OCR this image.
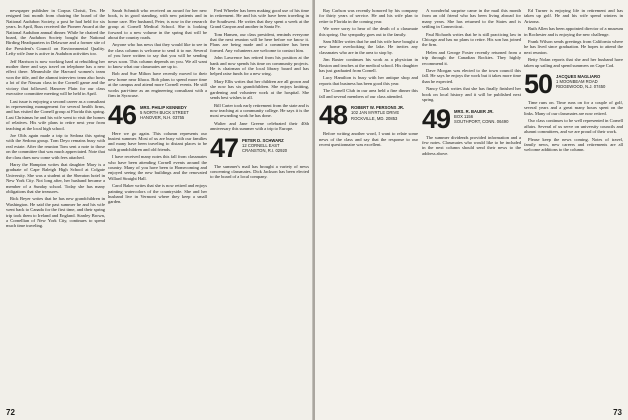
newspaper publisher in Corpus Christi, Tex. He resigned last month from chairing the board of the National Audubon Society, a post he had held for six years. In April, Russ received the Pioneer Award at the National Audubon annual dinner. While he chaired the board, the Audubon Society bought the National Birding Headquarters in Delaware and a former site of the President's Council on Environmental Quality. Lefty wife Jane is active in Audubon activities too.

Jeff Harrison is now working hard at rebuilding her mother there and says travel on telephone has a new effect there. Meanwhile the Harvard women's team won the title, and the alumni interview team also hosts a lot of the Nassau class in the Cornell game and the victory that followed. Hanover Plain for our class executive committee meeting will be held in April.

Last issue is enjoying a second career as a consultant in representing management for several health firms, and has visited the Cornell group at Florida this spring. Last Christmas he and his wife went to visit the homes of relatives. His wife plans to retire next year from teaching at the local high school.

Joe Olds again made a trip to Sedona this spring with the Sedona group. Tom Deyo remains busy with real estate. After the reunion Tom sent a note to those on the committee that was much appreciated. Note that the class dues now come with fees attached.

Harry the Hampton writes that daughter Mary is a graduate of Cape Raleigh High School at Colgate University. She was a student at the Sheraton hotel in New York City. Not long after, her husband became a member of a Sunday school. Today she has many obligations that she treasures.

Rick Beyer writes that he has new grandchildren in Washington. He said the past summer he and his wife went back to Canada for the first time, and their spring trip took them to Ireland and England. Stanley Brown, a Cornellian of New York City, continues to spend much time traveling.

Sarah Schmidt who received an award for her new book, is in good standing, with new patients and in home care. Her husband, Peter, is now in the research group at Cornell Medical School. She is looking forward to a new volume in the spring that will be about the country roads.

Anyone who has news that they would like to see in the class column is welcome to send it to me. Several of you have written to say that you will be sending news soon. This column depends on you. We all want to know what our classmates are up to.

Bob and Sue Milton have recently moved to their new home near Ithaca. Bob plans to spend more time at the campus and attend more Cornell events. He still works part-time as an engineering consultant with a firm in Syracuse.

46 MRS. PHILIP KENNEDY
5 NORTH BUCK STREET
HANOVER, N.H. 03755

Here we go again. This column represents our busiest summer. Most of us are busy with our families and many have been traveling to distant places to be with grandchildren and old friends.

I have received many notes this fall from classmates who have been attending Cornell events around the country. Many of you have been to Homecoming and enjoyed seeing the new buildings and the renovated Willard Straight Hall.

Carol Baker writes that she is now retired and enjoys painting watercolors of the countryside. She and her husband live in Vermont where they keep a small garden.

Fred Wheeler has been making good use of his time in retirement. He and his wife have been traveling in the Southwest. He writes that they spent a week at the Grand Canyon and another in Santa Fe.

Tom Hansen, our class president, reminds everyone that the next reunion will be here before we know it. Plans are being made and a committee has been formed. Any volunteers are welcome to contact him.

John Lawrence has retired from his position at the bank and now spends his time on community projects. He is chairman of the local library board and has helped raise funds for a new wing.

Mary Ellis writes that her children are all grown and she now has six grandchildren. She enjoys knitting, gardening and volunteer work at the hospital. She sends best wishes to all.

Bill Carter took early retirement from the state and is now teaching at a community college. He says it is the most rewarding work he has done.

Walter and Jane Greene celebrated their 40th anniversary this summer with a trip to Europe.

47 PETER D. SCHWARZ
12 CORNELL EAST
CRANSTON, R.I. 02920

The summer's mail has brought a variety of news concerning classmates. Dick Jackson has been elected to the board of a local company.

72

Ray Carlson was recently honored by his company for thirty years of service. He and his wife plan to retire to Florida in the coming year.

We were sorry to hear of the death of a classmate this spring. Our sympathy goes out to the family.

Sam Miller writes that he and his wife have bought a new home overlooking the lake. He invites any classmates who are in the area to stop by.

Jim Baxter continues his work as a physician in Boston and teaches at the medical school. His daughter has just graduated from Cornell.

Lucy Hamilton is busy with her antique shop and reports that business has been good this year.

The Cornell Club in our area held a fine dinner this fall and several members of our class attended.

48 ROBERT W. PERSONS JR.
102 JAN MYRTLE DRIVE
ROCKVILLE, MD. 20853

Before writing another word, I want to relate some news of the class and say that the response to our recent questionnaire was excellent.

A wonderful surprise came in the mail this month from an old friend who has been living abroad for many years. She has returned to the States and is settling in Connecticut.

Paul Richards writes that he is still practicing law in Chicago and has no plans to retire. His son has joined the firm.

Helen and George Foster recently returned from a trip through the Canadian Rockies. They highly recommend it.

Dave Morgan was elected to the town council this fall. He says he enjoys the work but it takes more time than he expected.

Nancy Clark writes that she has finally finished her book on local history and it will be published next spring.

49 MRS. R. BAUER JR.
BOX 1156
SOUTHPORT, CONN. 06490

The summer dividends provided information and a few notes. Classmates who would like to be included in the next column should send their news to the address above.

Ed Turner is enjoying life in retirement and has taken up golf. He and his wife spend winters in Arizona.

Ruth Allen has been appointed director of a museum in Rochester and is enjoying the new challenge.

Frank Wilson sends greetings from California where he has lived since graduation. He hopes to attend the next reunion.

Betty Nolan reports that she and her husband have taken up sailing and spend summers on Cape Cod.

50 JACQUES MAGLIARO
1 MOONBEAM ROAD
RIDGEWOOD, N.J. 07450

Time runs on. Time runs on for a couple of golf, several years and a great many hours spent on the links. Many of our classmates are now retired.

Our class continues to be well represented in Cornell affairs. Several of us serve on university councils and alumni committees, and we are proud of their work.

Please keep the news coming. Notes of travel, family news, new careers and retirements are all welcome additions to the column.

73
